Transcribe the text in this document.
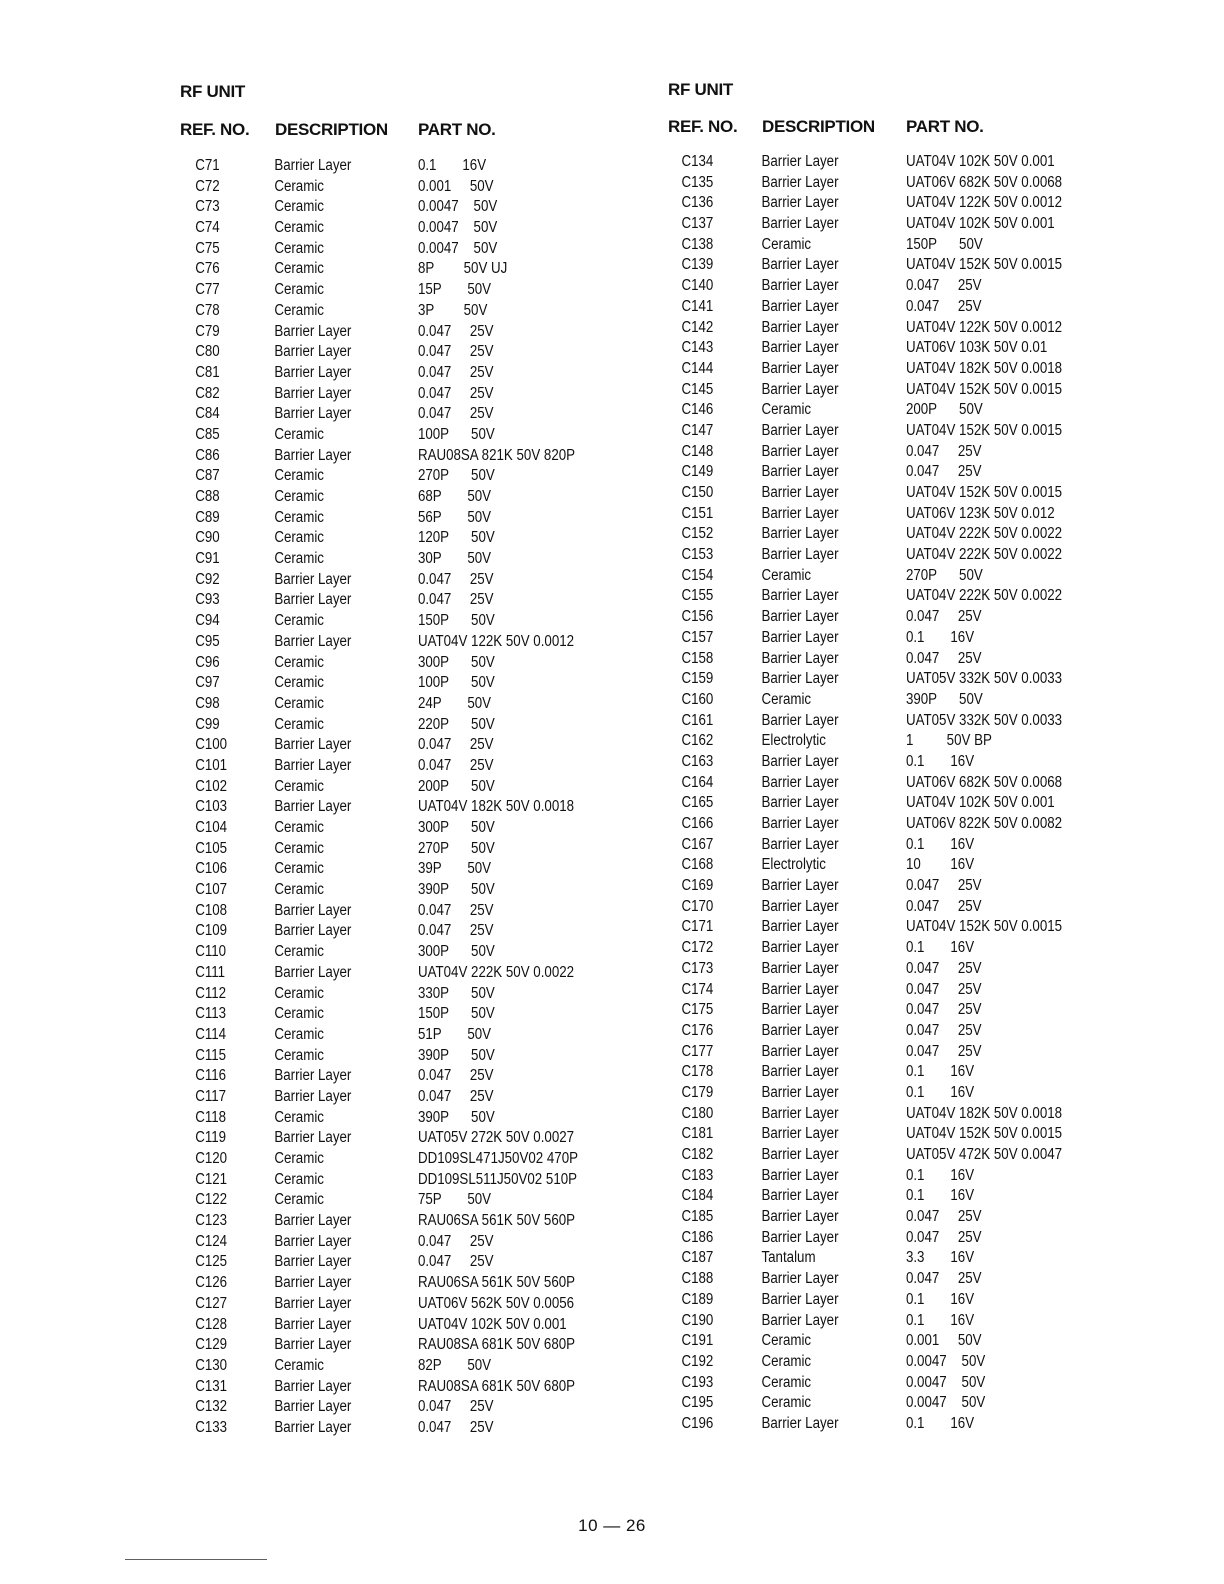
RF UNIT
REF. NO. DESCRIPTION PART NO.
C71	Barrier Layer	0.1       16V
C72	Ceramic	0.001     50V
C73	Ceramic	0.0047    50V
C74	Ceramic	0.0047    50V
C75	Ceramic	0.0047    50V
C76	Ceramic	8P        50V UJ
C77	Ceramic	15P       50V
C78	Ceramic	3P        50V
C79	Barrier Layer	0.047     25V
C80	Barrier Layer	0.047     25V
C81	Barrier Layer	0.047     25V
C82	Barrier Layer	0.047     25V
C84	Barrier Layer	0.047     25V
C85	Ceramic	100P      50V
C86	Barrier Layer	RAU08SA 821K 50V 820P
C87	Ceramic	270P      50V
C88	Ceramic	68P       50V
C89	Ceramic	56P       50V
C90	Ceramic	120P      50V
C91	Ceramic	30P       50V
C92	Barrier Layer	0.047     25V
C93	Barrier Layer	0.047     25V
C94	Ceramic	150P      50V
C95	Barrier Layer	UAT04V 122K 50V 0.0012
C96	Ceramic	300P      50V
C97	Ceramic	100P      50V
C98	Ceramic	24P       50V
C99	Ceramic	220P      50V
C100	Barrier Layer	0.047     25V
C101	Barrier Layer	0.047     25V
C102	Ceramic	200P      50V
C103	Barrier Layer	UAT04V 182K 50V 0.0018
C104	Ceramic	300P      50V
C105	Ceramic	270P      50V
C106	Ceramic	39P       50V
C107	Ceramic	390P      50V
C108	Barrier Layer	0.047     25V
C109	Barrier Layer	0.047     25V
C110	Ceramic	300P      50V
C111	Barrier Layer	UAT04V 222K 50V 0.0022
C112	Ceramic	330P      50V
C113	Ceramic	150P      50V
C114	Ceramic	51P       50V
C115	Ceramic	390P      50V
C116	Barrier Layer	0.047     25V
C117	Barrier Layer	0.047     25V
C118	Ceramic	390P      50V
C119	Barrier Layer	UAT05V 272K 50V 0.0027
C120	Ceramic	DD109SL471J50V02 470P
C121	Ceramic	DD109SL511J50V02 510P
C122	Ceramic	75P       50V
C123	Barrier Layer	RAU06SA 561K 50V 560P
C124	Barrier Layer	0.047     25V
C125	Barrier Layer	0.047     25V
C126	Barrier Layer	RAU06SA 561K 50V 560P
C127	Barrier Layer	UAT06V 562K 50V 0.0056
C128	Barrier Layer	UAT04V 102K 50V 0.001
C129	Barrier Layer	RAU08SA 681K 50V 680P
C130	Ceramic	82P       50V
C131	Barrier Layer	RAU08SA 681K 50V 680P
C132	Barrier Layer	0.047     25V
C133	Barrier Layer	0.047     25V
RF UNIT
REF. NO. DESCRIPTION PART NO.
C134	Barrier Layer	UAT04V 102K 50V 0.001
C135	Barrier Layer	UAT06V 682K 50V 0.0068
C136	Barrier Layer	UAT04V 122K 50V 0.0012
C137	Barrier Layer	UAT04V 102K 50V 0.001
C138	Ceramic	150P      50V
C139	Barrier Layer	UAT04V 152K 50V 0.0015
C140	Barrier Layer	0.047     25V
C141	Barrier Layer	0.047     25V
C142	Barrier Layer	UAT04V 122K 50V 0.0012
C143	Barrier Layer	UAT06V 103K 50V 0.01
C144	Barrier Layer	UAT04V 182K 50V 0.0018
C145	Barrier Layer	UAT04V 152K 50V 0.0015
C146	Ceramic	200P      50V
C147	Barrier Layer	UAT04V 152K 50V 0.0015
C148	Barrier Layer	0.047     25V
C149	Barrier Layer	0.047     25V
C150	Barrier Layer	UAT04V 152K 50V 0.0015
C151	Barrier Layer	UAT06V 123K 50V 0.012
C152	Barrier Layer	UAT04V 222K 50V 0.0022
C153	Barrier Layer	UAT04V 222K 50V 0.0022
C154	Ceramic	270P      50V
C155	Barrier Layer	UAT04V 222K 50V 0.0022
C156	Barrier Layer	0.047     25V
C157	Barrier Layer	0.1       16V
C158	Barrier Layer	0.047     25V
C159	Barrier Layer	UAT05V 332K 50V 0.0033
C160	Ceramic	390P      50V
C161	Barrier Layer	UAT05V 332K 50V 0.0033
C162	Electrolytic	1         50V BP
C163	Barrier Layer	0.1       16V
C164	Barrier Layer	UAT06V 682K 50V 0.0068
C165	Barrier Layer	UAT04V 102K 50V 0.001
C166	Barrier Layer	UAT06V 822K 50V 0.0082
C167	Barrier Layer	0.1       16V
C168	Electrolytic	10        16V
C169	Barrier Layer	0.047     25V
C170	Barrier Layer	0.047     25V
C171	Barrier Layer	UAT04V 152K 50V 0.0015
C172	Barrier Layer	0.1       16V
C173	Barrier Layer	0.047     25V
C174	Barrier Layer	0.047     25V
C175	Barrier Layer	0.047     25V
C176	Barrier Layer	0.047     25V
C177	Barrier Layer	0.047     25V
C178	Barrier Layer	0.1       16V
C179	Barrier Layer	0.1       16V
C180	Barrier Layer	UAT04V 182K 50V 0.0018
C181	Barrier Layer	UAT04V 152K 50V 0.0015
C182	Barrier Layer	UAT05V 472K 50V 0.0047
C183	Barrier Layer	0.1       16V
C184	Barrier Layer	0.1       16V
C185	Barrier Layer	0.047     25V
C186	Barrier Layer	0.047     25V
C187	Tantalum	3.3       16V
C188	Barrier Layer	0.047     25V
C189	Barrier Layer	0.1       16V
C190	Barrier Layer	0.1       16V
C191	Ceramic	0.001     50V
C192	Ceramic	0.0047    50V
C193	Ceramic	0.0047    50V
C195	Ceramic	0.0047    50V
C196	Barrier Layer	0.1       16V
10 — 26
